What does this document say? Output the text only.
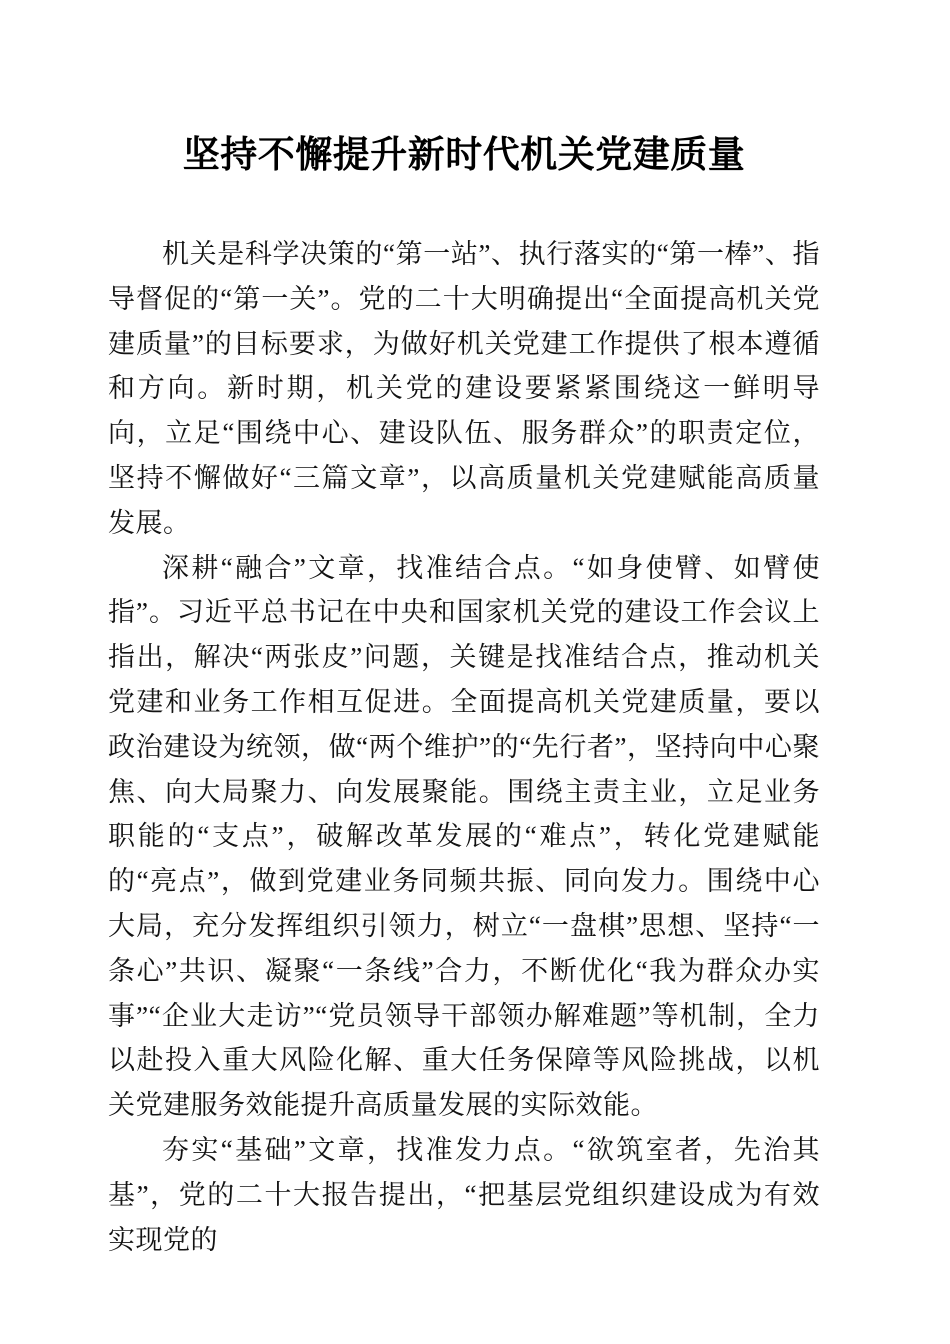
坚持不懈提升新时代机关党建质量

机关是科学决策的“第一站”、执行落实的“第一棒”、指导督促的“第一关”。党的二十大明确提出“全面提高机关党建质量”的目标要求，为做好机关党建工作提供了根本遵循和方向。新时期，机关党的建设要紧紧围绕这一鲜明导向，立足“围绕中心、建设队伍、服务群众”的职责定位，坚持不懈做好“三篇文章”，以高质量机关党建赋能高质量发展。

深耕“融合”文章，找准结合点。“如身使臂、如臂使指”。习近平总书记在中央和国家机关党的建设工作会议上指出，解决“两张皮”问题，关键是找准结合点，推动机关党建和业务工作相互促进。全面提高机关党建质量，要以政治建设为统领，做“两个维护”的“先行者”，坚持向中心聚焦、向大局聚力、向发展聚能。围绕主责主业，立足业务职能的“支点”，破解改革发展的“难点”，转化党建赋能的“亮点”，做到党建业务同频共振、同向发力。围绕中心大局，充分发挥组织引领力，树立“一盘棋”思想、坚持“一条心”共识、凝聚“一条线”合力，不断优化“我为群众办实事”“企业大走访”“党员领导干部领办解难题”等机制，全力以赴投入重大风险化解、重大任务保障等风险挑战，以机关党建服务效能提升高质量发展的实际效能。

夯实“基础”文章，找准发力点。“欲筑室者，先治其基”，党的二十大报告提出，“把基层党组织建设成为有效实现党的
